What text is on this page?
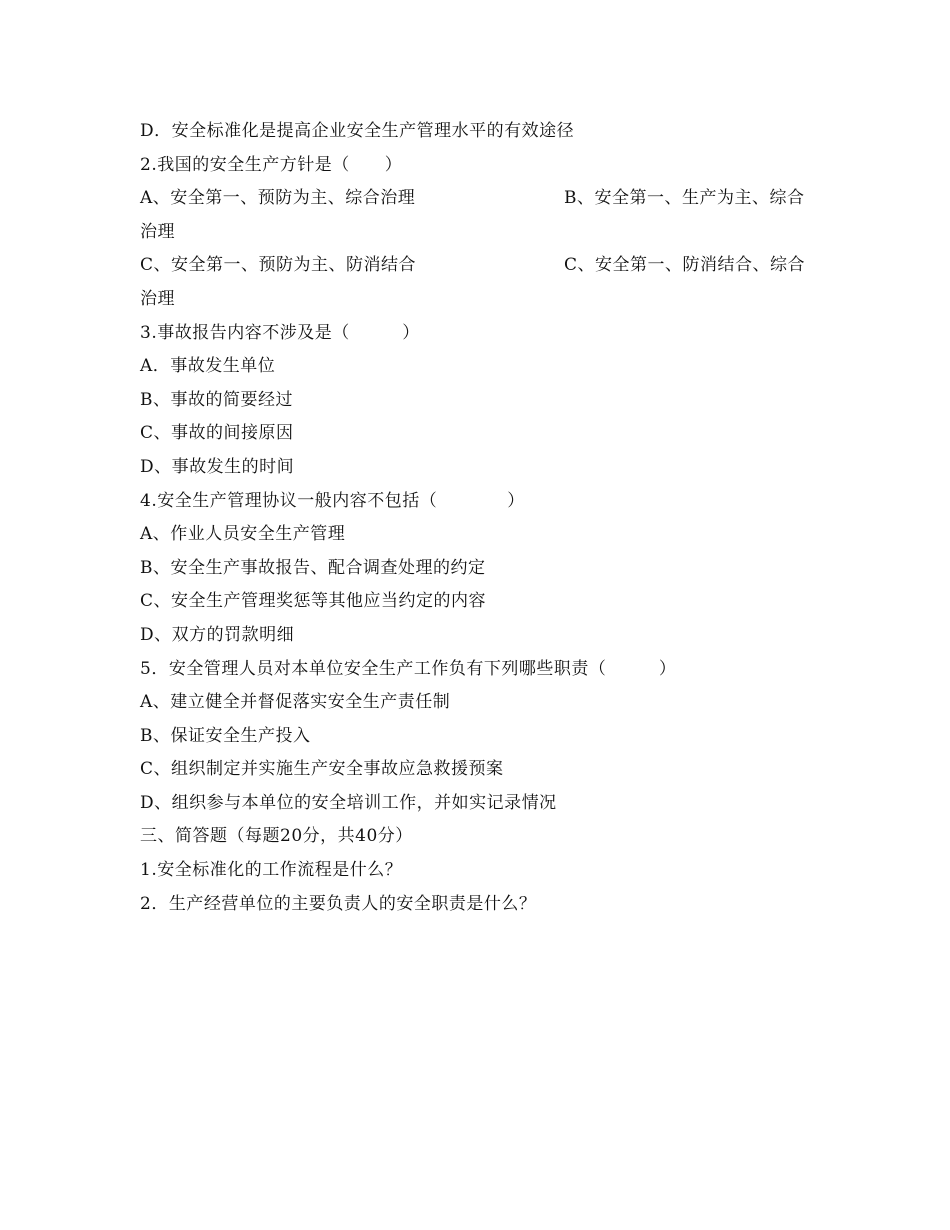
D．安全标准化是提高企业安全生产管理水平的有效途径
2.我国的安全生产方针是（　　）
A、安全第一、预防为主、综合治理	B、安全第一、生产为主、综合
治理
C、安全第一、预防为主、防消结合	C、安全第一、防消结合、综合
治理
3.事故报告内容不涉及是（　　　）
A．事故发生单位
B、事故的简要经过
C、事故的间接原因
D、事故发生的时间
4.安全生产管理协议一般内容不包括（　　　　）
A、作业人员安全生产管理
B、安全生产事故报告、配合调查处理的约定
C、安全生产管理奖惩等其他应当约定的内容
D、双方的罚款明细
5．安全管理人员对本单位安全生产工作负有下列哪些职责（　　　）
A、建立健全并督促落实安全生产责任制
B、保证安全生产投入
C、组织制定并实施生产安全事故应急救援预案
D、组织参与本单位的安全培训工作，并如实记录情况
三、简答题（每题20分，共40分）
1.安全标准化的工作流程是什么？
2．生产经营单位的主要负责人的安全职责是什么？
